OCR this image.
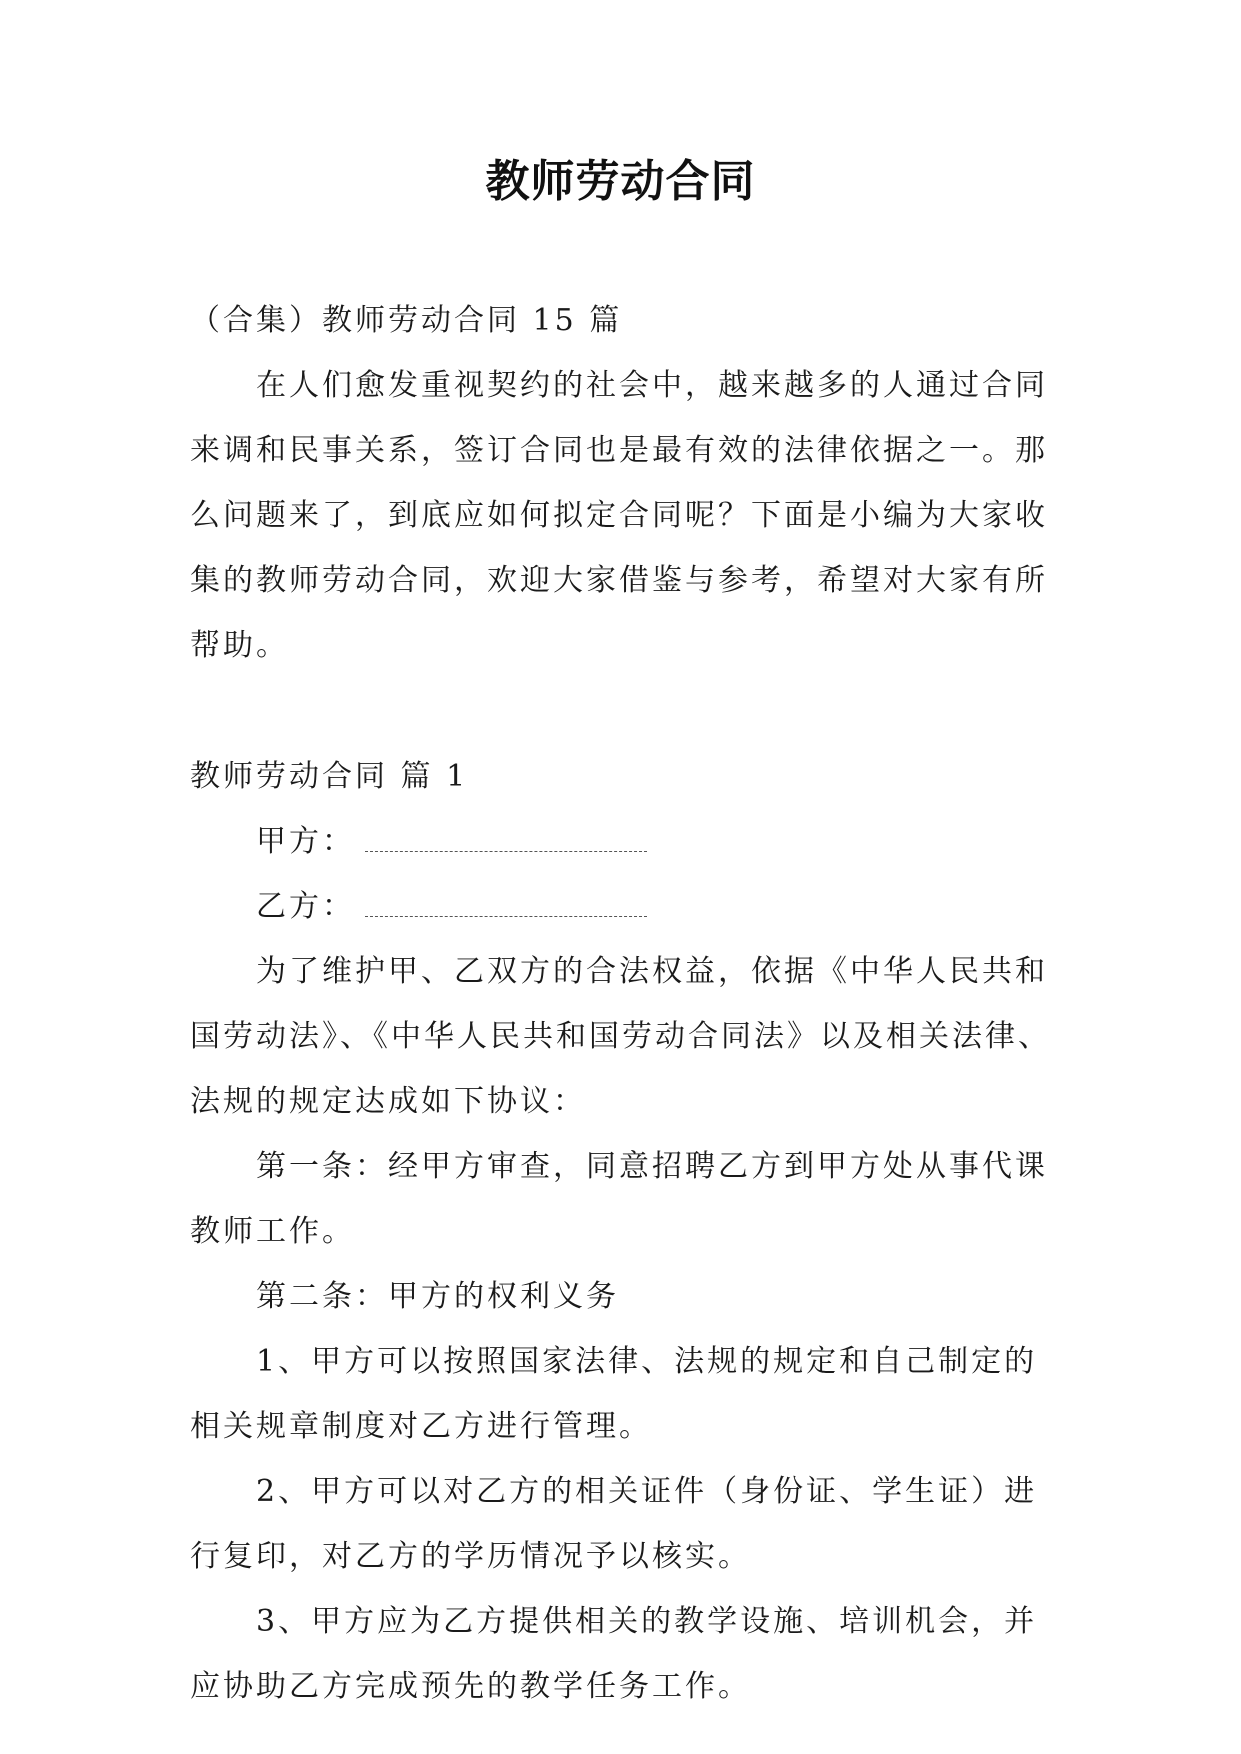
教师劳动合同

（合集）教师劳动合同 15 篇

在人们愈发重视契约的社会中，越来越多的人通过合同来调和民事关系，签订合同也是最有效的法律依据之一。那么问题来了，到底应如何拟定合同呢？下面是小编为大家收集的教师劳动合同，欢迎大家借鉴与参考，希望对大家有所帮助。

教师劳动合同 篇 1

甲方：

乙方：

为了维护甲、乙双方的合法权益，依据《中华人民共和国劳动法》、《中华人民共和国劳动合同法》以及相关法律、法规的规定达成如下协议：

第一条：经甲方审查，同意招聘乙方到甲方处从事代课教师工作。

第二条：甲方的权利义务

1、甲方可以按照国家法律、法规的规定和自己制定的相关规章制度对乙方进行管理。

2、甲方可以对乙方的相关证件（身份证、学生证）进行复印，对乙方的学历情况予以核实。

3、甲方应为乙方提供相关的教学设施、培训机会，并应协助乙方完成预先的教学任务工作。
